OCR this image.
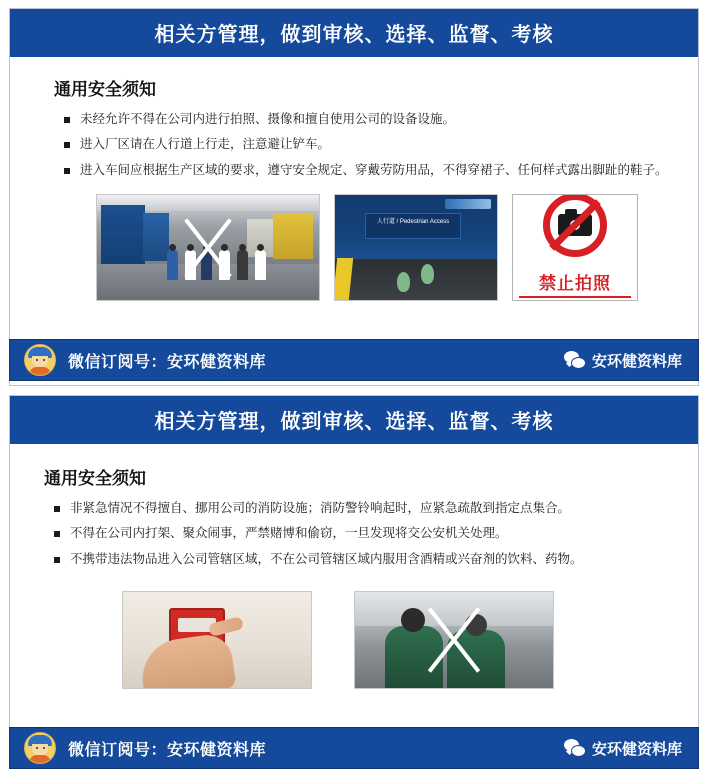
相关方管理，做到审核、选择、监督、考核
通用安全须知
未经允许不得在公司内进行拍照、摄像和擅自使用公司的设备设施。
进入厂区请在人行道上行走，注意避让铲车。
进入车间应根据生产区域的要求，遵守安全规定、穿戴劳防用品，不得穿裙子、任何样式露出脚趾的鞋子。
人行道 / Pedestrian Access
禁止拍照
微信订阅号：安环健资料库	安环健资料库
相关方管理，做到审核、选择、监督、考核
通用安全须知
非紧急情况不得擅自、挪用公司的消防设施；消防警铃响起时，应紧急疏散到指定点集合。
不得在公司内打架、聚众闹事，严禁赌博和偷窃，一旦发现将交公安机关处理。
不携带违法物品进入公司管辖区域，不在公司管辖区域内服用含酒精或兴奋剂的饮料、药物。
微信订阅号：安环健资料库	安环健资料库
